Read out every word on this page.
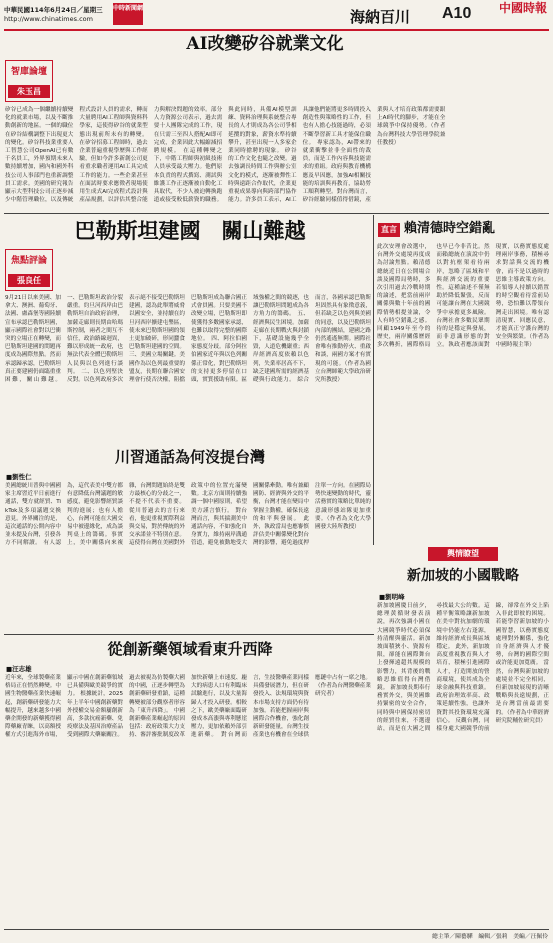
中華民國114年6月24日／星期三
http://www.chinatimes.com
中時新聞網	海納百川	A10 中國時報
AI改變矽谷就業文化
智庫論壇
朱玉昌
矽谷已成為一個繼續持續變化的就業市場，以及不斷推動創新的地區。一個的職位在矽谷結構調整下出現更大的變化。矽谷科技業重要人工智慧公司OpenAI已有數千名員工，外界預期未來人數持續增加，國內和國外科技公司人事部門也重新調整員工需求。美國的研究報告顯示大型科技公司正逐步減少中階管理職位，以及傳統程式設計人員的需求，轉而大量聘用AI工程師與資料科學家，這使得矽谷的就業型態出現前所未有的轉變。 在矽谷招募工程師時，過去企業普遍重視學歷與工作經驗，但如今許多新創公司更看重求職者運用AI工具完成工作的能力。一些企業甚至在面試時要求應徵者現場使用生成式AI完成程式設計與產品規劃，以評估其整合能力與解決問題的效率。部分人力資源公司表示，過去需要十人團隊完成的工作，現在只需三至四人搭配AI即可完成，企業因此大幅縮減招聘規模。 在這種轉變之下，中階工程師與初級技術人員承受最大壓力。他們原本負責的程式撰寫、測試與維護工作正逐漸被自動化工具取代，不少人被迫轉換跑道或接受較低薪資的職務。與此同時，具備AI模型訓練、資料治理與系統整合專長的人才則成為各公司爭相延攬的對象，薪資水準持續攀升，甚至出現一人多家企業同時搶聘的現象。 矽谷的工作文化也隨之改變。過去強調長時間工作與辦公室文化的模式，逐漸被彈性工時與遠距合作取代，企業更重視成果導向與跨部門協作能力。許多員工表示，AI工具讓他們能將更多時間投入創造性與策略性的工作，但也有人擔心技能過時，必須不斷學習新工具才能保住職位。 專家認為，AI帶來的就業衝擊並非全面性的裁員，而是工作內容與技能需求的重組。政府與教育機構應及早因應，加強AI相關技能的培訓與再教育，協助勞工順利轉型。對台灣而言，矽谷經驗同樣值得借鏡，產業與人才培育政策都需要跟上AI時代的腳步，才能在全球競爭中保持優勢。（作者為台灣科技大學管理學院兼任教授）
巴勒斯坦建國　關山難越
焦點評論
張良任
9月21日以來美國、加拿大、澳洲、葡萄牙、法國、盧森堡等國陸續宣布承認巴勒斯坦國，顯示國際社會對以巴衝突的立場正在轉變，而巴勒斯坦建國的問題再度成為國際焦點。然而承認歸承認，巴勒斯坦真正要建國仍面臨重重困難，關山難越。 一、巴勒斯坦政治分裂嚴重。約旦河西岸由巴勒斯坦自治政府治理，加薩走廊則長期由哈瑪斯控制，兩者之間互不信任，政治路線迥異，難以形成統一政府，也無法代表全體巴勒斯坦人民與以色列進行談判。 二、以色列堅決反對。以色列政府多次表示絕不接受巴勒斯坦建國，認為此舉將威脅以國安全，並持續在約旦河西岸擴建屯墾區，使未來巴勒斯坦國的領土更加破碎，形同蠶食巴勒斯坦建國的空間。 三、美國立場關鍵。美國作為以色列最重要的盟友，長期在聯合國安理會行使否決權，阻擋巴勒斯坦成為聯合國正式會員國。只要美國不改變立場，巴勒斯坦即使獲得多數國家承認，也難以取得完整的國際地位。 四、阿拉伯國家態度分歧。部分阿拉伯國家近年與以色列關係正常化，對巴勒斯坦的支持更多停留在口頭，實質援助有限。區域強權之間的競逐，也讓巴勒斯坦問題成為各方角力的籌碼。 五、經濟與民生困境。加薩走廊在長期戰火與封鎖下，基礎設施幾乎全毀，人道危機嚴重；西岸經濟高度依賴以色列，失業率居高不下，缺乏建國所需的經濟基礎與行政能力。 綜合而言，各國承認巴勒斯坦固然具有象徵意義，但若缺乏以色列與美國的同意，以及巴勒斯坦內部的團結，建國之路仍然遙遙無期。國際社會唯有推動停火、重啟和談，兩國方案才有實現的可能。（作者為國立台灣師範大學政治研究所教授）
直言 賴清德時空錯亂
此次安理會改選中，台灣外交處境再度成為討論焦點。賴清德總統近日在公開場合談及國際局勢時，多次引用過去冷戰時期的論述，把當前兩岸關係與數十年前的國際情勢相提並論，令人有時空錯亂之感。 回顧1949年至今的歷史，兩岸關係歷經多次轉折，國際格局也早已今非昔比。然而賴總統在演說中仍以對抗框架看待兩岸，忽略了區域和平與經濟交流的重要性。這種論述不僅無助於降低緊張，反而可能讓台灣在大國競爭中承擔更多風險。 台灣社會多數民眾期待的是穩定與發展，而非意識形態的對立。執政者應該面對現實，以務實態度處理兩岸事務，積極尋求對話與交流的機會，而不是以過時的思維主導政策方向。 若領導人持續以錯置的時空觀看待當前局勢，恐怕難以帶領台灣走出困境。唯有認清現實、回應民意，才能真正守護台灣的安全與繁榮。（作者為中國時報主筆）
川習通話為何沒提台灣
■劉性仁
美國總統川普與中國國家主席習近平日前進行通話，雙方就經貿、TikTok及多項議題交換意見。外界關注的是，這次通話的公開內容中並未提及台灣，引發各方不同解讀。 有人認為，這代表美中雙方都有意降低台灣議題的敏感度，避免影響經貿談判的進展；也有人擔心，台灣可能在大國交易中被邊緣化，成為談判桌上的籌碼。事實上，美中關係向來複雜，台灣問題始終是雙方最核心的分歧之一，不提不代表不重要。 從川普過去的言行來看，他更重視實際利益與交易，對於傳統的外交承諾並不特別在意。這使得台灣在美國對外政策中的位置充滿變數。北京方面則持續強調一個中國原則，希望美方謹言慎行。 對台灣而言，與其揣測美中通話內容，不如強化自身實力，維持兩岸溝通管道，避免被動地受大國關係牽動。唯有兼顧國防、經濟與外交的平衡，台灣才能在變局中掌握主動權，確保長遠的和平與發展。 此外，執政當局也應審慎評估美中關係變化對台灣的影響，避免過度押注單一方向。在國際局勢快速變動的時代，靈活務實的策略比單純的意識形態站隊更加重要。（作者為文化大學國發大陸所教授）
輿情瞭望
新加坡的小國戰略
■劉明峰
新加坡國慶日前夕，總理黃循財發表演說，再次強調小國在大國競爭時代必須保持清醒與靈活。新加坡面積狹小、資源有限，卻能在國際舞台上發揮遠超其規模的影響力，其背後的戰略思維值得台灣借鏡。 新加坡長期奉行務實外交，與美國維持緊密的安全合作，同時與中國保持密切的經貿往來，不選邊站，而是在大國之間尋找最大公約數。這種平衡策略讓新加坡在美中對抗加劇的環境中仍能左右逢源，維持經濟成長與區域穩定。 此外，新加坡高度重視教育與人才培育，積極引進國際人才，打造開放的營商環境，使其成為全球金融與科技重鎮。政府治理效率高、政策延續性強，也讓外資對其投資環境充滿信心。 反觀台灣，同樣身處大國競爭的前線，卻常在外交上陷入非此即彼的困境。若能學習新加坡的小國智慧，以務實態度處理對外關係，強化自身經濟與人才優勢，台灣的國際空間或許能更加寬廣。 當然，台灣與新加坡的處境並不完全相同，但新加坡展現的清晰戰略與長遠規劃，正是台灣當前最需要的。（作者為中華經濟研究院輔佐研究員）
從創新藥領域看東升西降
■汪志雄
近年來，全球製藥產業格局正在悄然轉變。中國生物醫藥產業快速崛起，創新藥研發能力大幅提升，越來越多中國藥企開發的新藥獲得國際藥廠青睞，以高額授權方式引進海外市場，顯示中國在創新藥領域已具備與歐美競爭的實力。 根據統計，2025年上半年中國創新藥對外授權交易金額屢創新高，多款抗癌新藥、免疫療法及基因治療產品受到國際大藥廠關注。過去被視為仿製藥大國的中國，正逐步轉型為創新藥研發重鎮，這種轉變被部分觀察者形容為「東升西降」。 中國創新藥產業崛起的原因包括：政府政策大力支持、審評審批制度改革加快新藥上市速度、龐大的病患人口有利臨床試驗進行，以及大量海歸人才投入研發。相較之下，歐美藥廠面臨研發成本高漲與專利懸崖壓力，更加依賴外部引進新藥。 對台灣而言，生技醫藥產業同樣具備發展潛力，但在研發投入、法規環境與資本市場支持方面仍有待加強。若能把握兩岸與國際合作機會，強化創新研發能量，台灣生技產業也有機會在全球供應鏈中占有一席之地。（作者為台灣醫藥產業研究者）
總主筆／陳藝驊　編輯／張莉　美編／汪佩伶
